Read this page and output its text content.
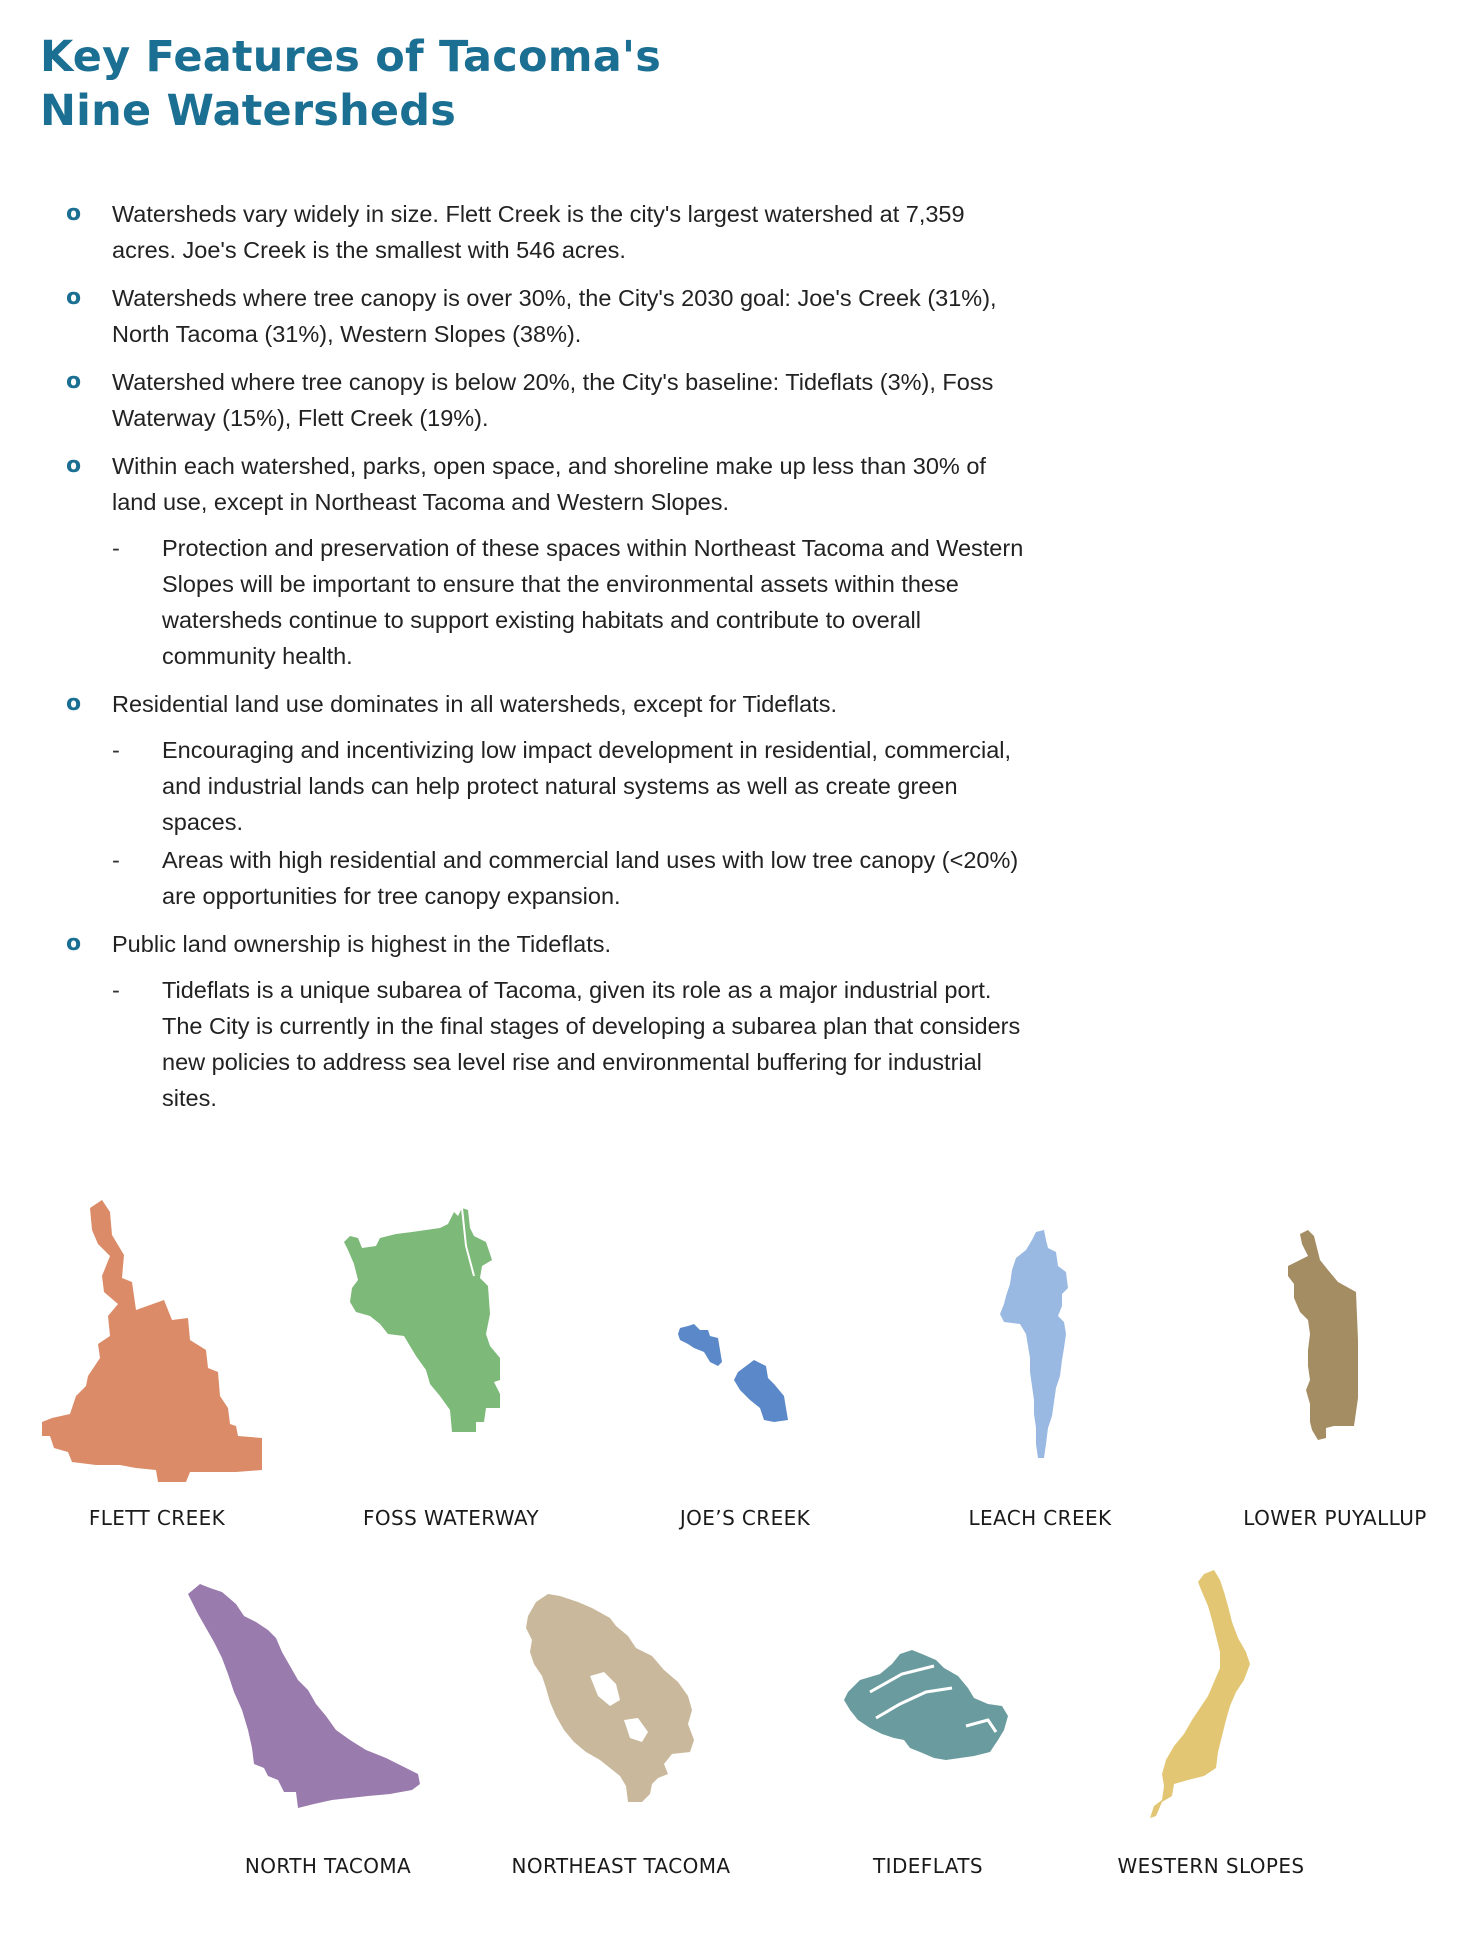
Key Features of Tacoma's
Nine Watersheds
o Watersheds vary widely in size. Flett Creek is the city's largest watershed at 7,359 acres. Joe's Creek is the smallest with 546 acres.
o Watersheds where tree canopy is over 30%, the City's 2030 goal: Joe's Creek (31%), North Tacoma (31%), Western Slopes (38%).
o Watershed where tree canopy is below 20%, the City's baseline: Tideflats (3%), Foss Waterway (15%), Flett Creek (19%).
o Within each watershed, parks, open space, and shoreline make up less than 30% of land use, except in Northeast Tacoma and Western Slopes.
- Protection and preservation of these spaces within Northeast Tacoma and Western Slopes will be important to ensure that the environmental assets within these watersheds continue to support existing habitats and contribute to overall community health.
o Residential land use dominates in all watersheds, except for Tideflats.
- Encouraging and incentivizing low impact development in residential, commercial, and industrial lands can help protect natural systems as well as create green spaces.
- Areas with high residential and commercial land uses with low tree canopy (<20%) are opportunities for tree canopy expansion.
o Public land ownership is highest in the Tideflats.
- Tideflats is a unique subarea of Tacoma, given its role as a major industrial port. The City is currently in the final stages of developing a subarea plan that considers new policies to address sea level rise and environmental buffering for industrial sites.
FLETT CREEK	FOSS WATERWAY	JOE’S CREEK	LEACH CREEK	LOWER PUYALLUP
NORTH TACOMA	NORTHEAST TACOMA	TIDEFLATS	WESTERN SLOPES
